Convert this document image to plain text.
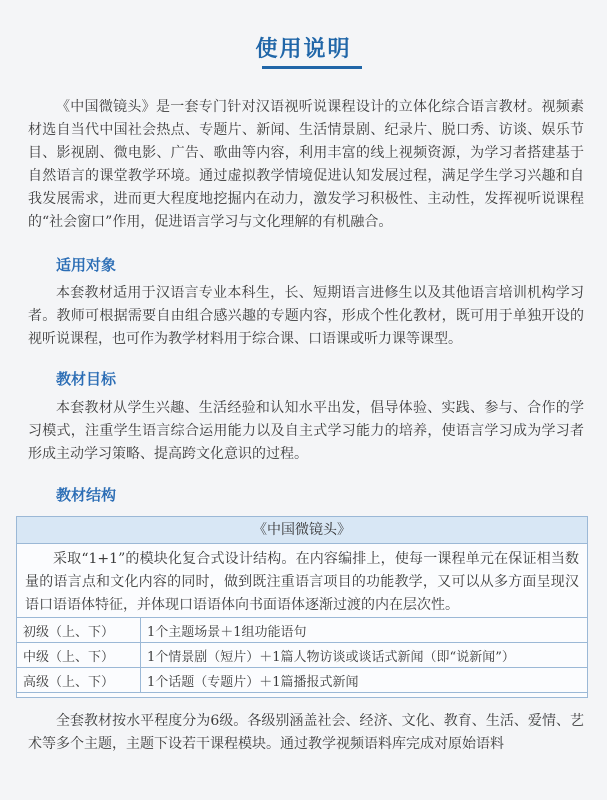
使用说明

《中国微镜头》是一套专门针对汉语视听说课程设计的立体化综合语言教材。视频素材选自当代中国社会热点、专题片、新闻、生活情景剧、纪录片、脱口秀、访谈、娱乐节目、影视剧、微电影、广告、歌曲等内容，利用丰富的线上视频资源，为学习者搭建基于自然语言的课堂教学环境。通过虚拟教学情境促进认知发展过程，满足学生学习兴趣和自我发展需求，进而更大程度地挖掘内在动力，激发学习积极性、主动性，发挥视听说课程的“社会窗口”作用，促进语言学习与文化理解的有机融合。

适用对象

本套教材适用于汉语言专业本科生，长、短期语言进修生以及其他语言培训机构学习者。教师可根据需要自由组合感兴趣的专题内容，形成个性化教材，既可用于单独开设的视听说课程，也可作为教学材料用于综合课、口语课或听力课等课型。

教材目标

本套教材从学生兴趣、生活经验和认知水平出发，倡导体验、实践、参与、合作的学习模式，注重学生语言综合运用能力以及自主式学习能力的培养，使语言学习成为学习者形成主动学习策略、提高跨文化意识的过程。

教材结构
《中国微镜头》

采取“1+1”的模块化复合式设计结构。在内容编排上，使每一课程单元在保证相当数量的语言点和文化内容的同时，做到既注重语言项目的功能教学，又可以从多方面呈现汉语口语语体特征，并体现口语语体向书面语体逐渐过渡的内在层次性。

初级（上、下）	1个主题场景＋1组功能语句
中级（上、下）	1个情景剧（短片）＋1篇人物访谈或谈话式新闻（即“说新闻”）
高级（上、下）	1个话题（专题片）＋1篇播报式新闻

全套教材按水平程度分为6级。各级别涵盖社会、经济、文化、教育、生活、爱情、艺术等多个主题，主题下设若干课程模块。通过教学视频语料库完成对原始语料
